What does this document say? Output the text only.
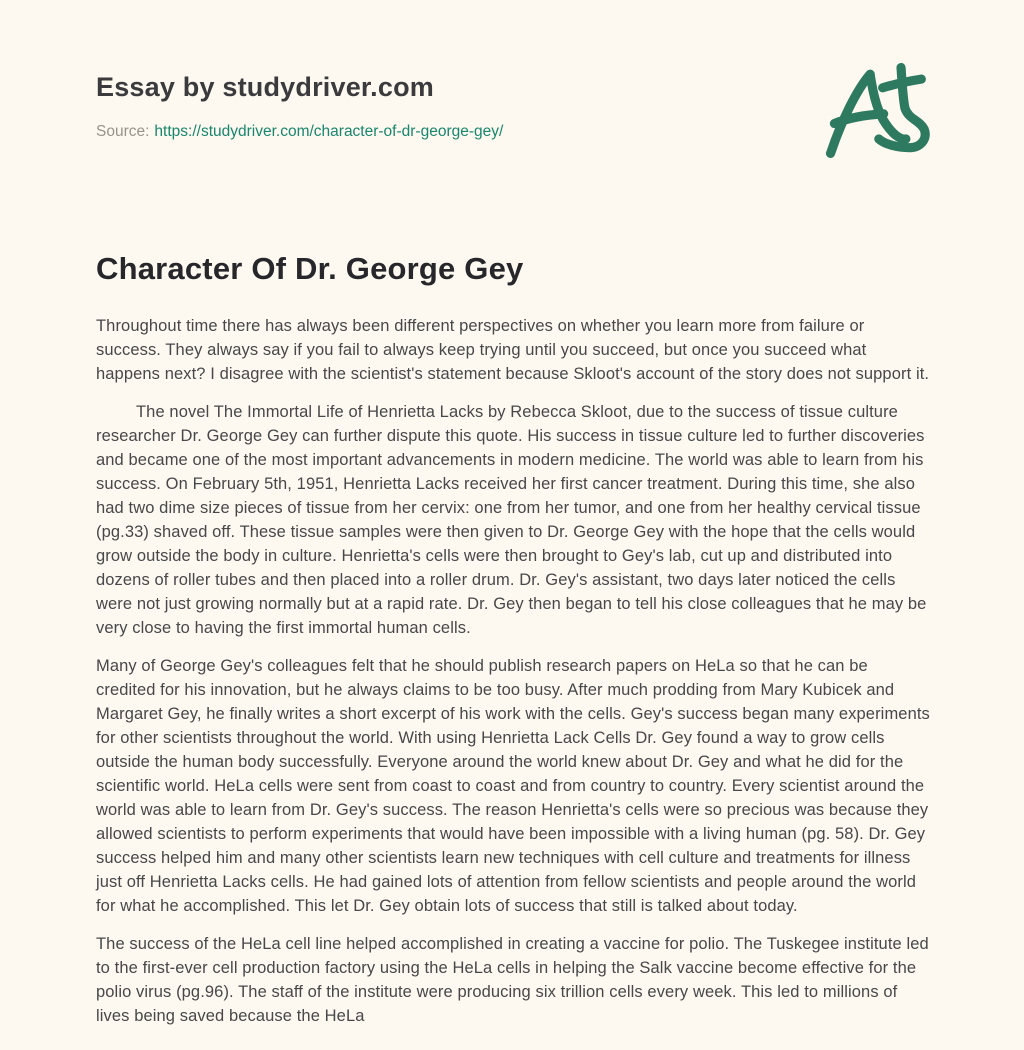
Essay by studydriver.com
Source: https://studydriver.com/character-of-dr-george-gey/
Character Of Dr. George Gey

Throughout time there has always been different perspectives on whether you learn more from failure or success. They always say if you fail to always keep trying until you succeed, but once you succeed what happens next? I disagree with the scientist's statement because Skloot's account of the story does not support it.

The novel The Immortal Life of Henrietta Lacks by Rebecca Skloot, due to the success of tissue culture researcher Dr. George Gey can further dispute this quote. His success in tissue culture led to further discoveries and became one of the most important advancements in modern medicine. The world was able to learn from his success. On February 5th, 1951, Henrietta Lacks received her first cancer treatment. During this time, she also had two dime size pieces of tissue from her cervix: one from her tumor, and one from her healthy cervical tissue (pg.33) shaved off. These tissue samples were then given to Dr. George Gey with the hope that the cells would grow outside the body in culture. Henrietta's cells were then brought to Gey's lab, cut up and distributed into dozens of roller tubes and then placed into a roller drum. Dr. Gey's assistant, two days later noticed the cells were not just growing normally but at a rapid rate. Dr. Gey then began to tell his close colleagues that he may be very close to having the first immortal human cells.

Many of George Gey's colleagues felt that he should publish research papers on HeLa so that he can be credited for his innovation, but he always claims to be too busy. After much prodding from Mary Kubicek and Margaret Gey, he finally writes a short excerpt of his work with the cells. Gey's success began many experiments for other scientists throughout the world. With using Henrietta Lack Cells Dr. Gey found a way to grow cells outside the human body successfully. Everyone around the world knew about Dr. Gey and what he did for the scientific world. HeLa cells were sent from coast to coast and from country to country. Every scientist around the world was able to learn from Dr. Gey's success. The reason Henrietta's cells were so precious was because they allowed scientists to perform experiments that would have been impossible with a living human (pg. 58). Dr. Gey success helped him and many other scientists learn new techniques with cell culture and treatments for illness just off Henrietta Lacks cells. He had gained lots of attention from fellow scientists and people around the world for what he accomplished. This let Dr. Gey obtain lots of success that still is talked about today.

The success of the HeLa cell line helped accomplished in creating a vaccine for polio. The Tuskegee institute led to the first-ever cell production factory using the HeLa cells in helping the Salk vaccine become effective for the polio virus (pg.96). The staff of the institute were producing six trillion cells every week. This led to millions of lives being saved because the HeLa
